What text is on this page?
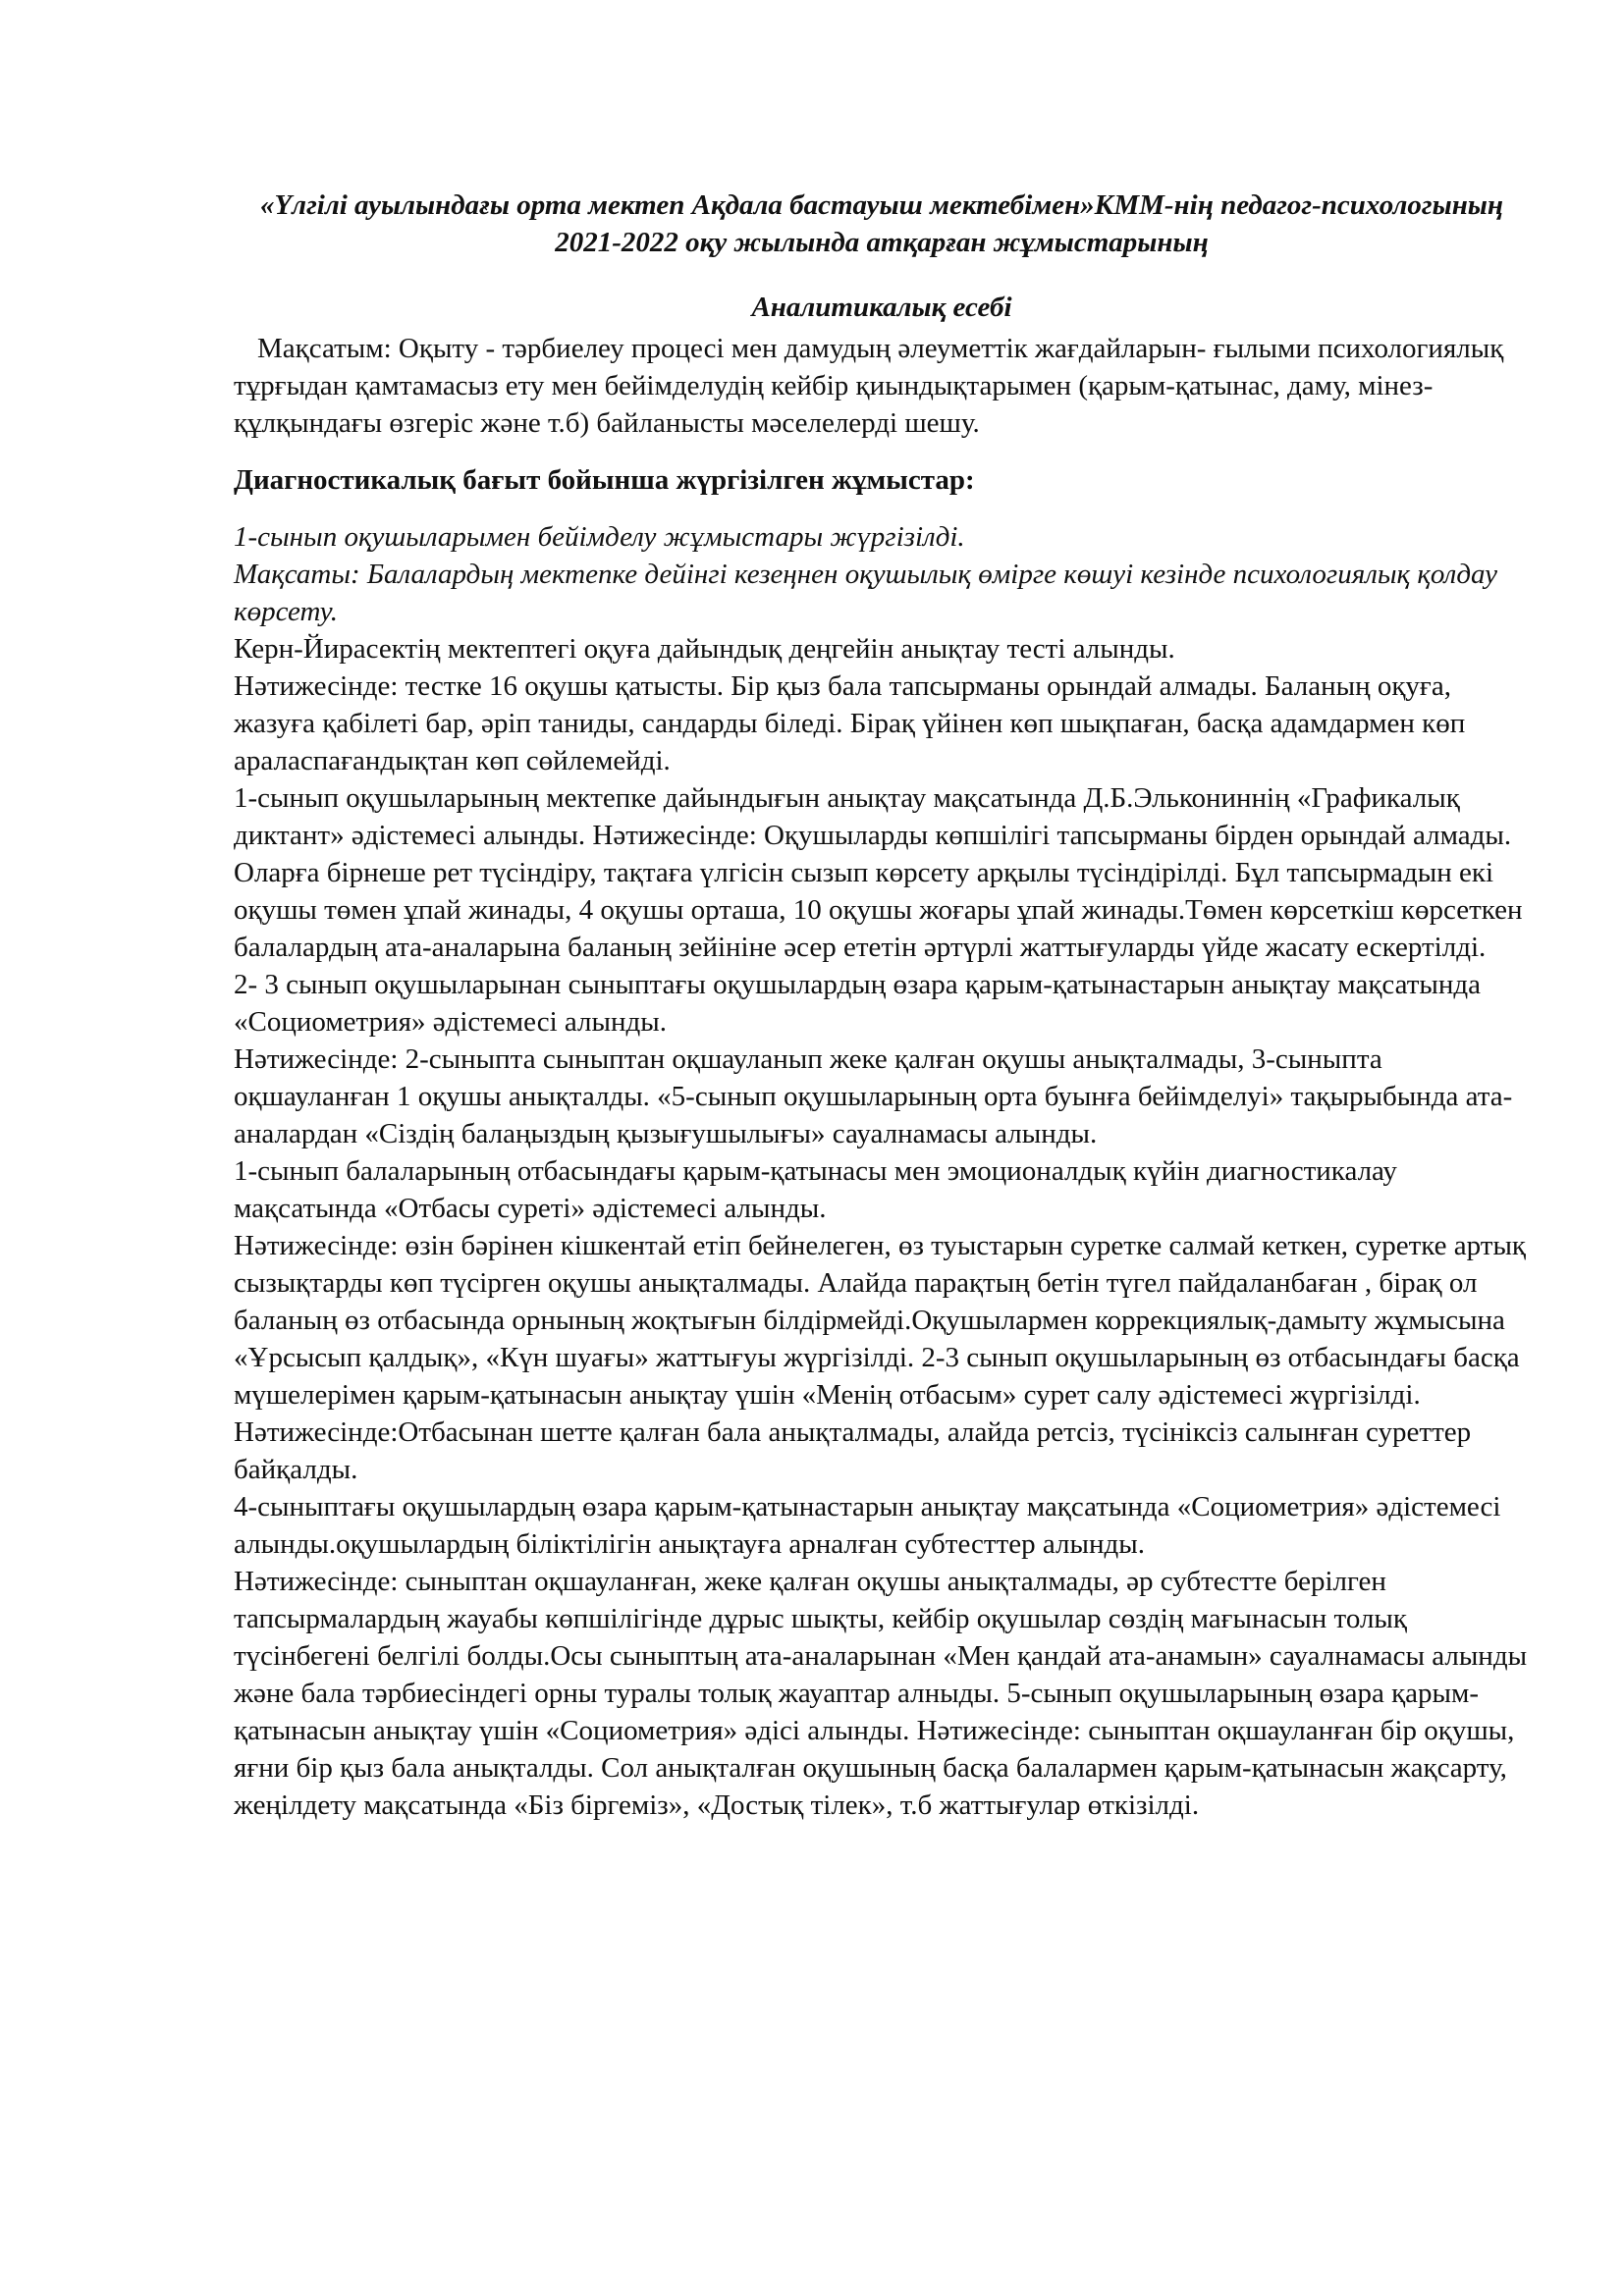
«Үлгілі ауылындағы орта мектеп Ақдала бастауыш мектебімен»КММ-нің педагог-психологының 2021-2022 оқу жылында атқарған жұмыстарының

Аналитикалық есебі

Мақсатым: Оқыту - тәрбиелеу процесі мен дамудың әлеуметтік жағдайларын- ғылыми психологиялық тұрғыдан қамтамасыз ету мен бейімделудің кейбір қиындықтарымен (қарым-қатынас, даму, мінез- құлқындағы өзгеріс және т.б) байланысты мәселелерді шешу.

Диагностикалық бағыт бойынша жүргізілген жұмыстар:

1-сынып оқушыларымен бейімделу жұмыстары жүргізілді.
Мақсаты: Балалардың мектепке дейінгі кезеңнен оқушылық өмірге көшуі кезінде психологиялық қолдау көрсету.

Керн-Йирасектің мектептегі оқуға дайындық деңгейін анықтау тесті алынды.

Нәтижесінде: тестке 16 оқушы қатысты. Бір қыз бала тапсырманы орындай алмады. Баланың оқуға, жазуға қабілеті бар, әріп таниды, сандарды біледі. Бірақ үйінен көп шықпаған, басқа адамдармен көп араласпағандықтан көп сөйлемейді.

1-сынып оқушыларының мектепке дайындығын анықтау мақсатында Д.Б.Элькониннің «Графикалық диктант» әдістемесі алынды. Нәтижесінде: Оқушыларды көпшілігі тапсырманы бірден орындай алмады. Оларға бірнеше рет түсіндіру, тақтаға үлгісін сызып көрсету арқылы түсіндірілді. Бұл тапсырмадын екі оқушы төмен ұпай жинады, 4 оқушы орташа, 10 оқушы жоғары ұпай жинады.Төмен көрсеткіш көрсеткен балалардың ата-аналарына баланың зейініне әсер ететін әртүрлі жаттығуларды үйде жасату ескертілді.

2- 3 сынып оқушыларынан сыныптағы оқушылардың өзара қарым-қатынастарын анықтау мақсатында «Социометрия» әдістемесі алынды.

Нәтижесінде: 2-сыныпта сыныптан оқшауланып жеке қалған оқушы анықталмады, 3-сыныпта оқшауланған 1 оқушы анықталды. «5-сынып оқушыларының орта буынға бейімделуі» тақырыбында ата-аналардан «Сіздің балаңыздың қызығушылығы» сауалнамасы алынды.

1-сынып балаларының отбасындағы қарым-қатынасы мен эмоционалдық күйін диагностикалау мақсатында «Отбасы суреті» әдістемесі алынды.

Нәтижесінде: өзін бәрінен кішкентай етіп бейнелеген, өз туыстарын суретке салмай кеткен, суретке артық сызықтарды көп түсірген оқушы анықталмады. Алайда парақтың бетін түгел пайдаланбаған , бірақ ол баланың өз отбасында орнының жоқтығын білдірмейді.Оқушылармен коррекциялық-дамыту жұмысына «Ұрсысып қалдық», «Күн шуағы» жаттығуы жүргізілді. 2-3 сынып оқушыларының өз отбасындағы басқа мүшелерімен қарым-қатынасын анықтау үшін «Менің отбасым» сурет салу әдістемесі жүргізілді.

Нәтижесінде:Отбасынан шетте қалған бала анықталмады, алайда ретсіз, түсініксіз салынған суреттер байқалды.

4-сыныптағы оқушылардың өзара қарым-қатынастарын анықтау мақсатында «Социометрия» әдістемесі алынды.оқушылардың біліктілігін анықтауға арналған субтесттер алынды.

Нәтижесінде: сыныптан оқшауланған, жеке қалған оқушы анықталмады, әр субтестте берілген тапсырмалардың жауабы көпшілігінде дұрыс шықты, кейбір оқушылар сөздің мағынасын толық түсінбегені белгілі болды.Осы сыныптың ата-аналарынан «Мен қандай ата-анамын» сауалнамасы алынды және бала тәрбиесіндегі орны туралы толық жауаптар алныды. 5-сынып оқушыларының өзара қарым-қатынасын анықтау үшін «Социометрия» әдісі алынды. Нәтижесінде: сыныптан оқшауланған бір оқушы, яғни бір қыз бала анықталды. Сол анықталған оқушының басқа балалармен қарым-қатынасын жақсарту, жеңілдету мақсатында «Біз біргеміз», «Достық тілек», т.б жаттығулар өткізілді.
